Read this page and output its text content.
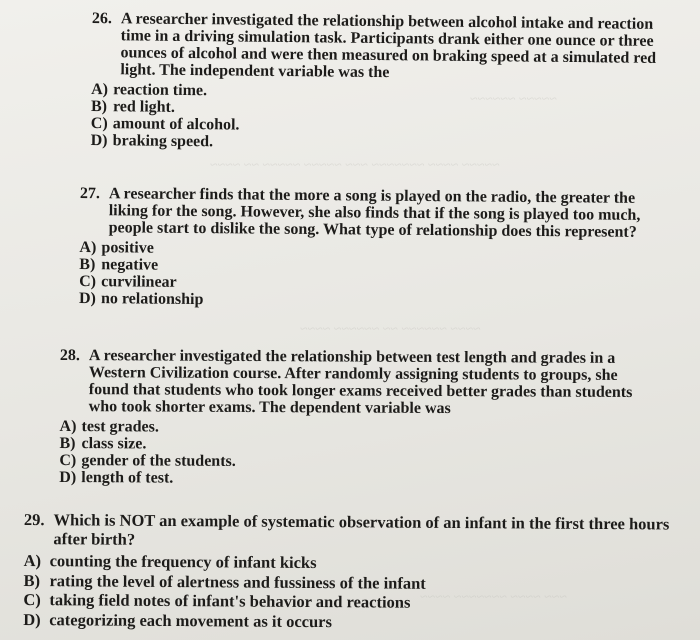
~~~~~ ~~~~ ~~~~~~~ ~~~ ~~~~~ ~~~~~ ~~ ~~~~
~~~~~ ~~~~~~
~~~~ ~~~~~~ ~~ ~~~~~~ ~~~~
~~~ ~~~~ ~~~~~~~ ~~~~
26. A researcher investigated the relationship between alcohol intake and reaction time in a driving simulation task. Participants drank either one ounce or three ounces of alcohol and were then measured on braking speed at a simulated red light. The independent variable was the
A) reaction time.
B) red light.
C) amount of alcohol.
D) braking speed.
27. A researcher finds that the more a song is played on the radio, the greater the liking for the song. However, she also finds that if the song is played too much, people start to dislike the song. What type of relationship does this represent?
A) positive
B) negative
C) curvilinear
D) no relationship
28. A researcher investigated the relationship between test length and grades in a Western Civilization course. After randomly assigning students to groups, she found that students who took longer exams received better grades than students who took shorter exams. The dependent variable was
A) test grades.
B) class size.
C) gender of the students.
D) length of test.
29. Which is NOT an example of systematic observation of an infant in the first three hours after birth?
A) counting the frequency of infant kicks
B) rating the level of alertness and fussiness of the infant
C) taking field notes of infant's behavior and reactions
D) categorizing each movement as it occurs
